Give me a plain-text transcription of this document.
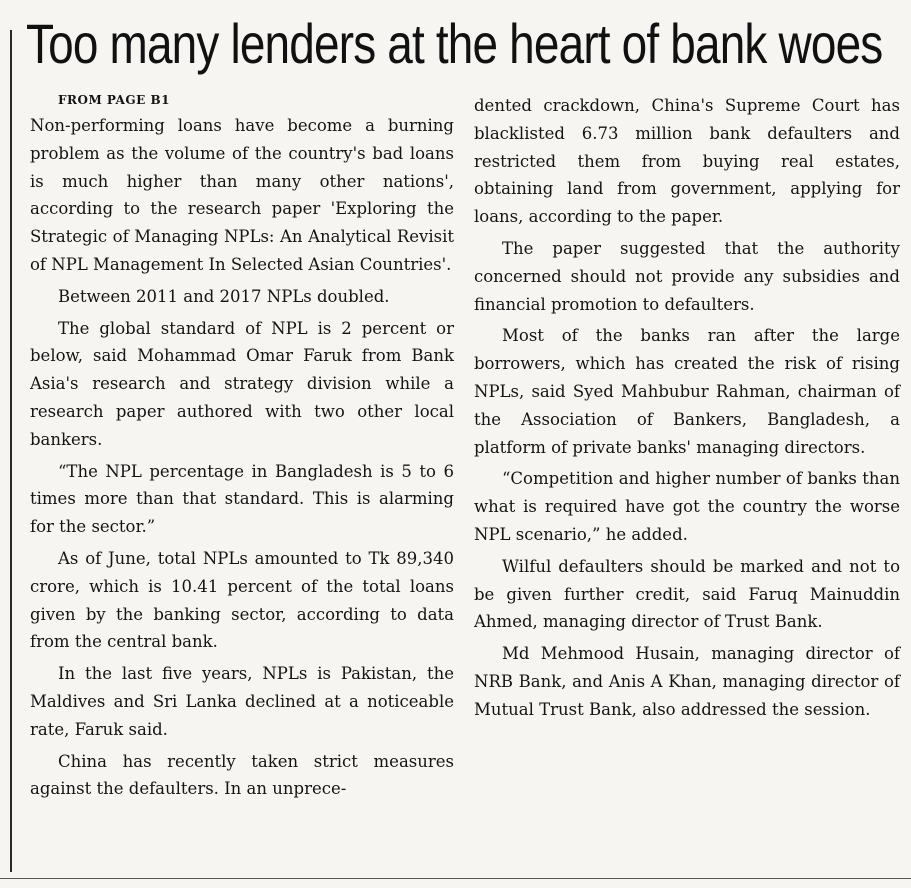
Too many lenders at the heart of bank woes

FROM PAGE B1

Non-performing loans have become a burning problem as the volume of the country's bad loans is much higher than many other nations', according to the research paper 'Exploring the Strategic of Managing NPLs: An Analytical Revisit of NPL Management In Selected Asian Countries'.

Between 2011 and 2017 NPLs doubled.

The global standard of NPL is 2 percent or below, said Mohammad Omar Faruk from Bank Asia's research and strategy division while a research paper authored with two other local bankers.

“The NPL percentage in Bangladesh is 5 to 6 times more than that standard. This is alarming for the sector.”

As of June, total NPLs amounted to Tk 89,340 crore, which is 10.41 percent of the total loans given by the banking sector, according to data from the central bank.

In the last five years, NPLs is Pakistan, the Maldives and Sri Lanka declined at a noticeable rate, Faruk said.

China has recently taken strict measures against the defaulters. In an unprece-

dented crackdown, China's Supreme Court has blacklisted 6.73 million bank defaulters and restricted them from buying real estates, obtaining land from government, applying for loans, according to the paper.

The paper suggested that the authority concerned should not provide any subsidies and financial promotion to defaulters.

Most of the banks ran after the large borrowers, which has created the risk of rising NPLs, said Syed Mahbubur Rahman, chairman of the Association of Bankers, Bangladesh, a platform of private banks' managing directors.

“Competition and higher number of banks than what is required have got the country the worse NPL scenario,” he added.

Wilful defaulters should be marked and not to be given further credit, said Faruq Mainuddin Ahmed, managing director of Trust Bank.

Md Mehmood Husain, managing director of NRB Bank, and Anis A Khan, managing director of Mutual Trust Bank, also addressed the session.
